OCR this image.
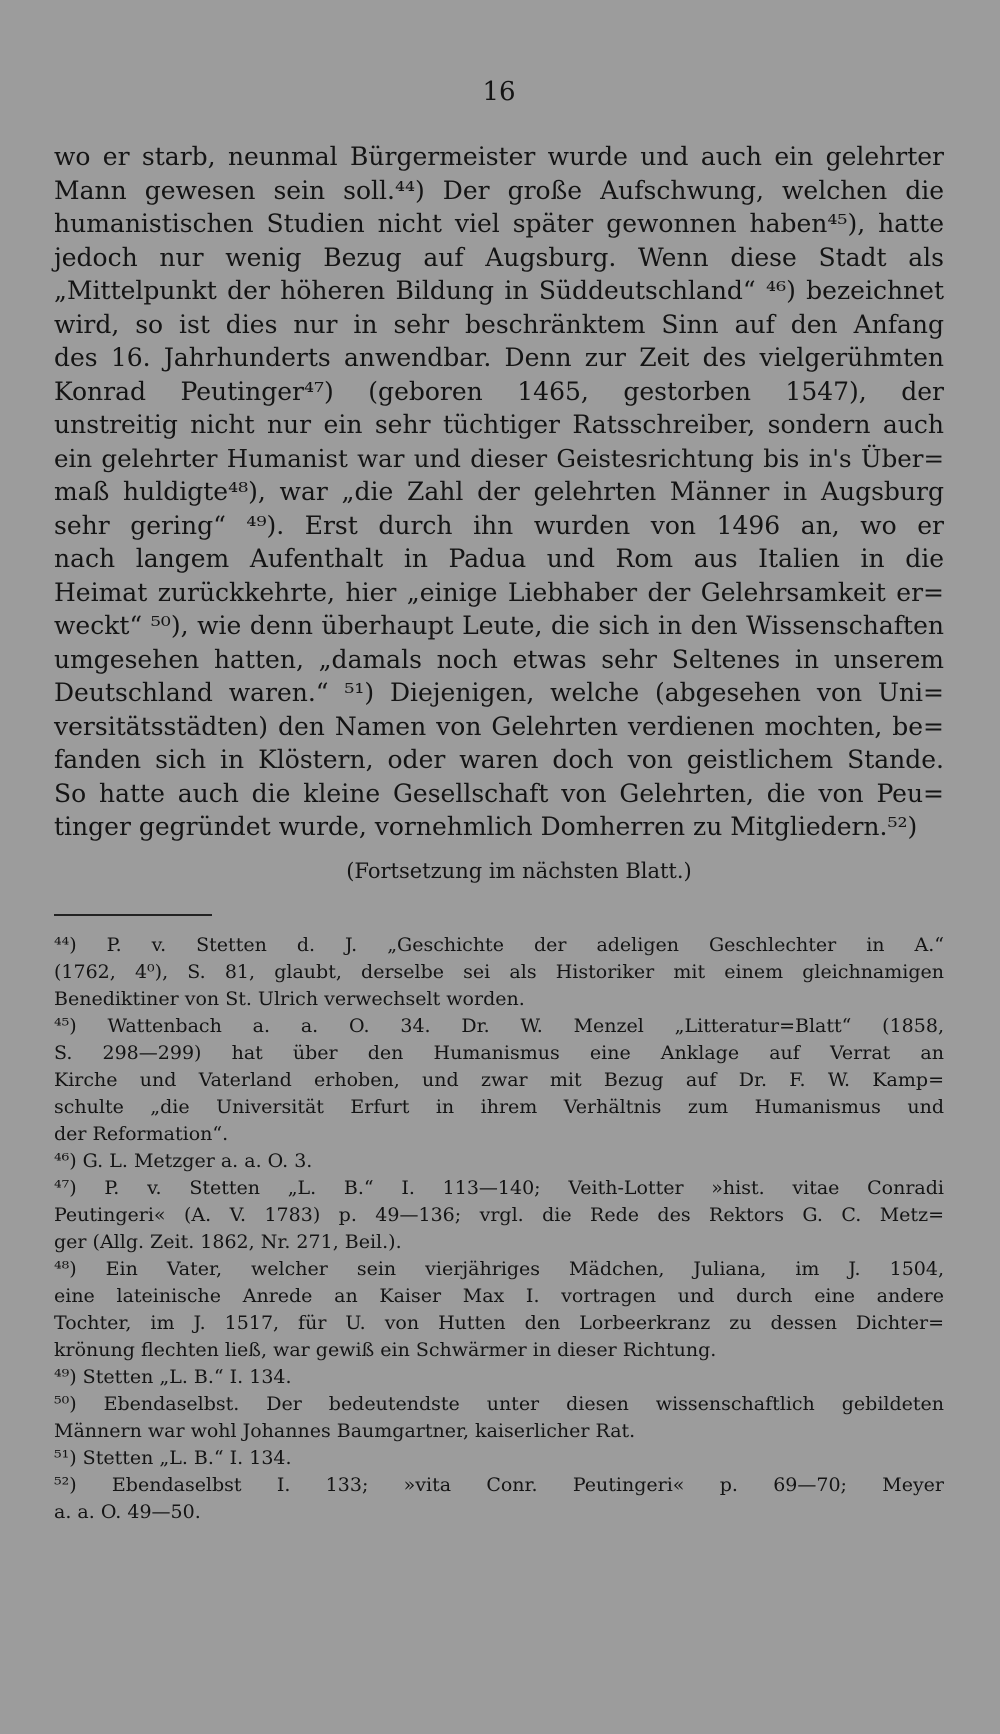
16
wo er starb, neunmal Bürgermeister wurde und auch ein gelehrter
Mann gewesen sein soll.⁴⁴) Der große Aufschwung, welchen die
humanistischen Studien nicht viel später gewonnen haben⁴⁵), hatte
jedoch nur wenig Bezug auf Augsburg. Wenn diese Stadt als
„Mittelpunkt der höheren Bildung in Süddeutschland“ ⁴⁶) bezeichnet
wird, so ist dies nur in sehr beschränktem Sinn auf den Anfang
des 16. Jahrhunderts anwendbar. Denn zur Zeit des vielgerühmten
Konrad Peutinger⁴⁷) (geboren 1465, gestorben 1547), der
unstreitig nicht nur ein sehr tüchtiger Ratsschreiber, sondern auch
ein gelehrter Humanist war und dieser Geistesrichtung bis in's Über=
maß huldigte⁴⁸), war „die Zahl der gelehrten Männer in Augsburg
sehr gering“ ⁴⁹). Erst durch ihn wurden von 1496 an, wo er
nach langem Aufenthalt in Padua und Rom aus Italien in die
Heimat zurückkehrte, hier „einige Liebhaber der Gelehrsamkeit er=
weckt“ ⁵⁰), wie denn überhaupt Leute, die sich in den Wissenschaften
umgesehen hatten, „damals noch etwas sehr Seltenes in unserem
Deutschland waren.“ ⁵¹) Diejenigen, welche (abgesehen von Uni=
versitätsstädten) den Namen von Gelehrten verdienen mochten, be=
fanden sich in Klöstern, oder waren doch von geistlichem Stande.
So hatte auch die kleine Gesellschaft von Gelehrten, die von Peu=
tinger gegründet wurde, vornehmlich Domherren zu Mitgliedern.⁵²)
(Fortsetzung im nächsten Blatt.)
⁴⁴) P. v. Stetten d. J. „Geschichte der adeligen Geschlechter in A.“
(1762, 4⁰), S. 81, glaubt, derselbe sei als Historiker mit einem gleichnamigen
Benediktiner von St. Ulrich verwechselt worden.
⁴⁵) Wattenbach a. a. O. 34. Dr. W. Menzel „Litteratur=Blatt“ (1858,
S. 298—299) hat über den Humanismus eine Anklage auf Verrat an
Kirche und Vaterland erhoben, und zwar mit Bezug auf Dr. F. W. Kamp=
schulte „die Universität Erfurt in ihrem Verhältnis zum Humanismus und
der Reformation“.
⁴⁶) G. L. Metzger a. a. O. 3.
⁴⁷) P. v. Stetten „L. B.“ I. 113—140; Veith-Lotter »hist. vitae Conradi
Peutingeri« (A. V. 1783) p. 49—136; vrgl. die Rede des Rektors G. C. Metz=
ger (Allg. Zeit. 1862, Nr. 271, Beil.).
⁴⁸) Ein Vater, welcher sein vierjähriges Mädchen, Juliana, im J. 1504,
eine lateinische Anrede an Kaiser Max I. vortragen und durch eine andere
Tochter, im J. 1517, für U. von Hutten den Lorbeerkranz zu dessen Dichter=
krönung flechten ließ, war gewiß ein Schwärmer in dieser Richtung.
⁴⁹) Stetten „L. B.“ I. 134.
⁵⁰) Ebendaselbst. Der bedeutendste unter diesen wissenschaftlich gebildeten
Männern war wohl Johannes Baumgartner, kaiserlicher Rat.
⁵¹) Stetten „L. B.“ I. 134.
⁵²) Ebendaselbst I. 133; »vita Conr. Peutingeri« p. 69—70; Meyer
a. a. O. 49—50.
